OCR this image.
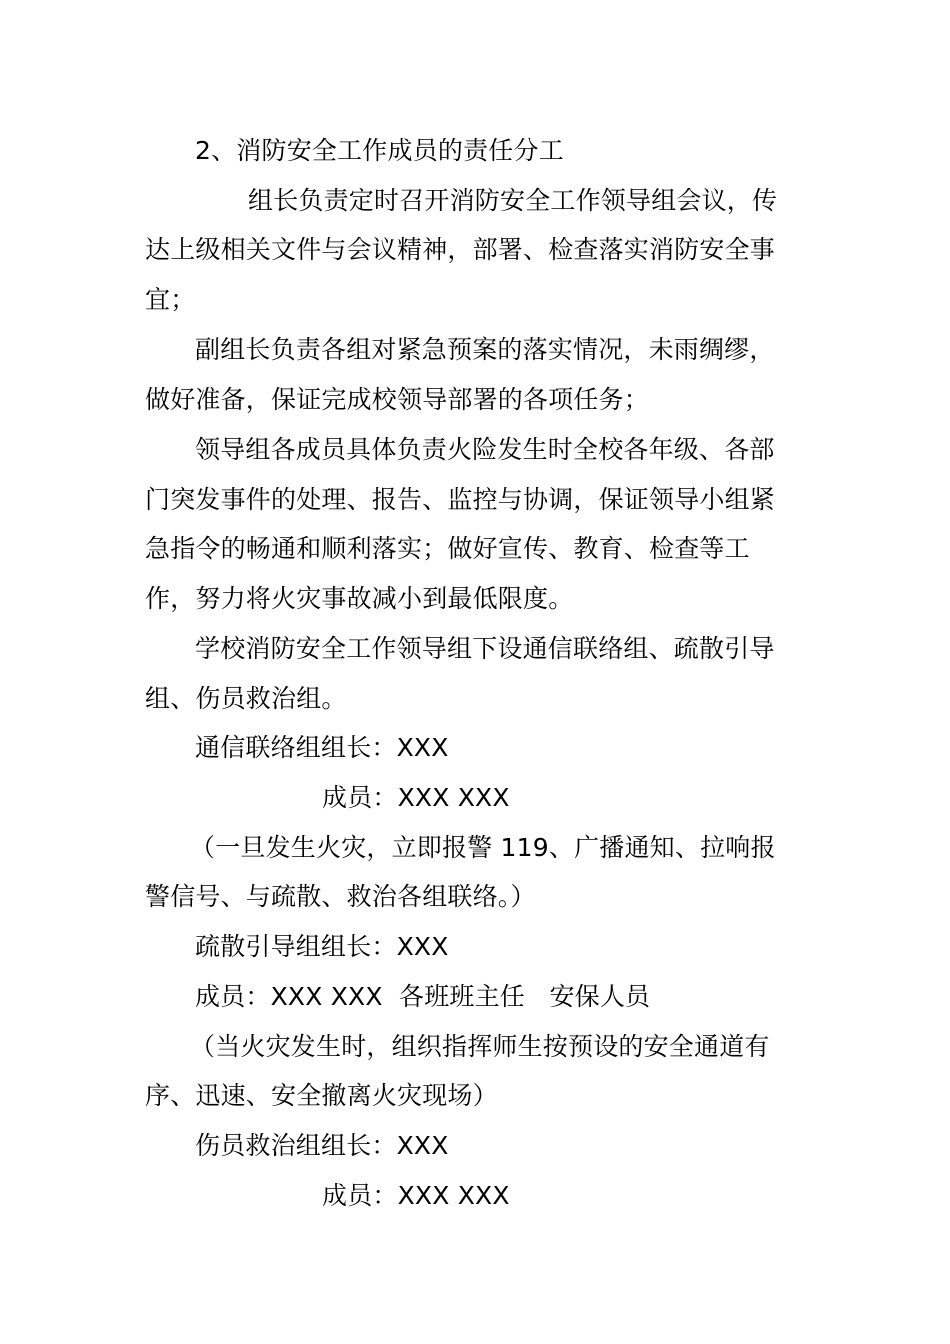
2、消防安全工作成员的责任分工
组长负责定时召开消防安全工作领导组会议，传
达上级相关文件与会议精神，部署、检查落实消防安全事
宜；
副组长负责各组对紧急预案的落实情况，未雨绸缪，
做好准备，保证完成校领导部署的各项任务；
领导组各成员具体负责火险发生时全校各年级、各部
门突发事件的处理、报告、监控与协调，保证领导小组紧
急指令的畅通和顺利落实；做好宣传、教育、检查等工
作，努力将火灾事故减小到最低限度。
学校消防安全工作领导组下设通信联络组、疏散引导
组、伤员救治组。
通信联络组组长：XXX
成员：XXX XXX
（一旦发生火灾，立即报警 119、广播通知、拉响报
警信号、与疏散、救治各组联络。）
疏散引导组组长：XXX
成员：XXX XXX  各班班主任   安保人员
（当火灾发生时，组织指挥师生按预设的安全通道有
序、迅速、安全撤离火灾现场）
伤员救治组组长：XXX
成员：XXX XXX
